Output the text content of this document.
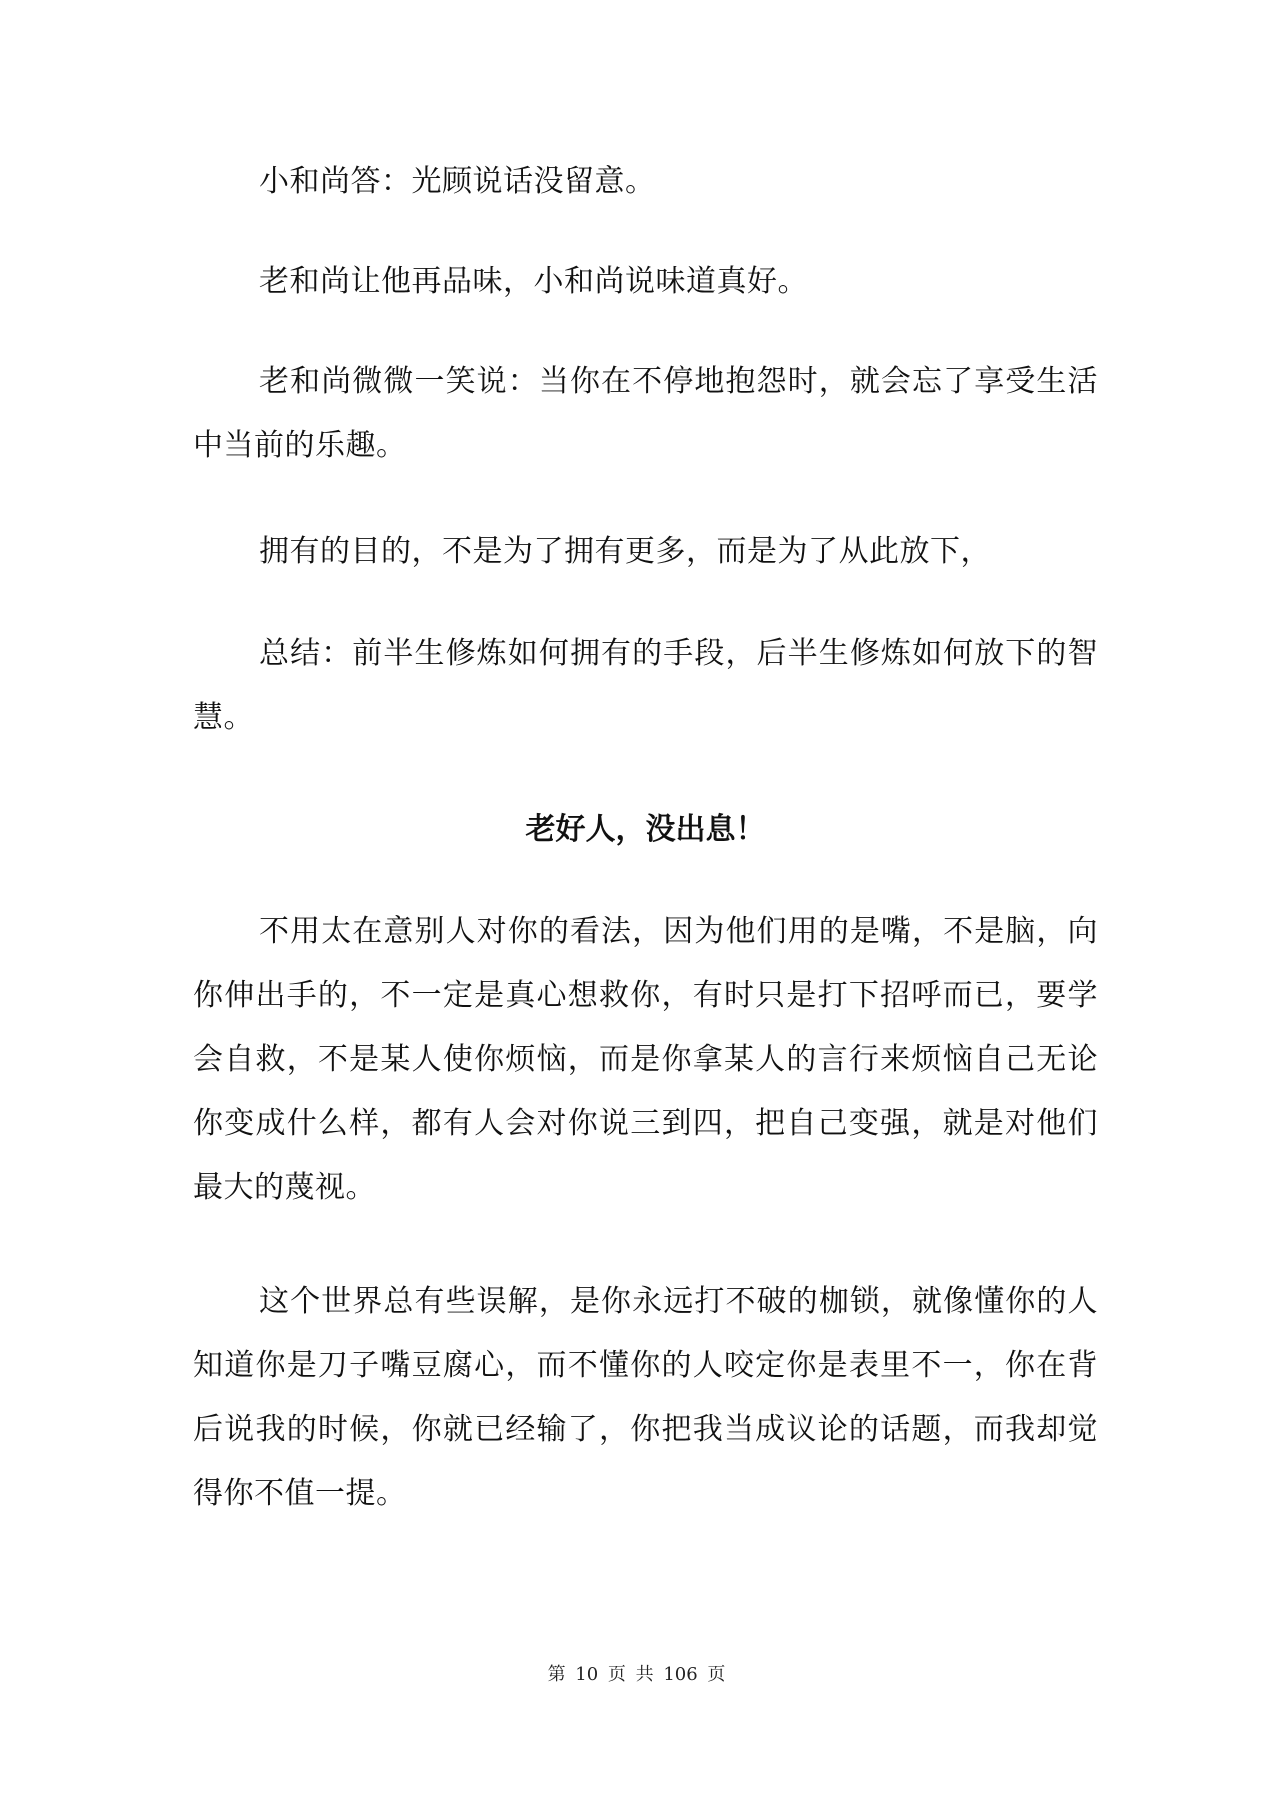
小和尚答：光顾说话没留意。

老和尚让他再品味，小和尚说味道真好。

老和尚微微一笑说：当你在不停地抱怨时，就会忘了享受生活中当前的乐趣。

拥有的目的，不是为了拥有更多，而是为了从此放下，

总结：前半生修炼如何拥有的手段，后半生修炼如何放下的智慧。

老好人，没出息！

不用太在意别人对你的看法，因为他们用的是嘴，不是脑，向你伸出手的，不一定是真心想救你，有时只是打下招呼而已，要学会自救，不是某人使你烦恼，而是你拿某人的言行来烦恼自己无论你变成什么样，都有人会对你说三到四，把自己变强，就是对他们最大的蔑视。

这个世界总有些误解，是你永远打不破的枷锁，就像懂你的人知道你是刀子嘴豆腐心，而不懂你的人咬定你是表里不一，你在背后说我的时候，你就已经输了，你把我当成议论的话题，而我却觉得你不值一提。

第 10 页 共 106 页
